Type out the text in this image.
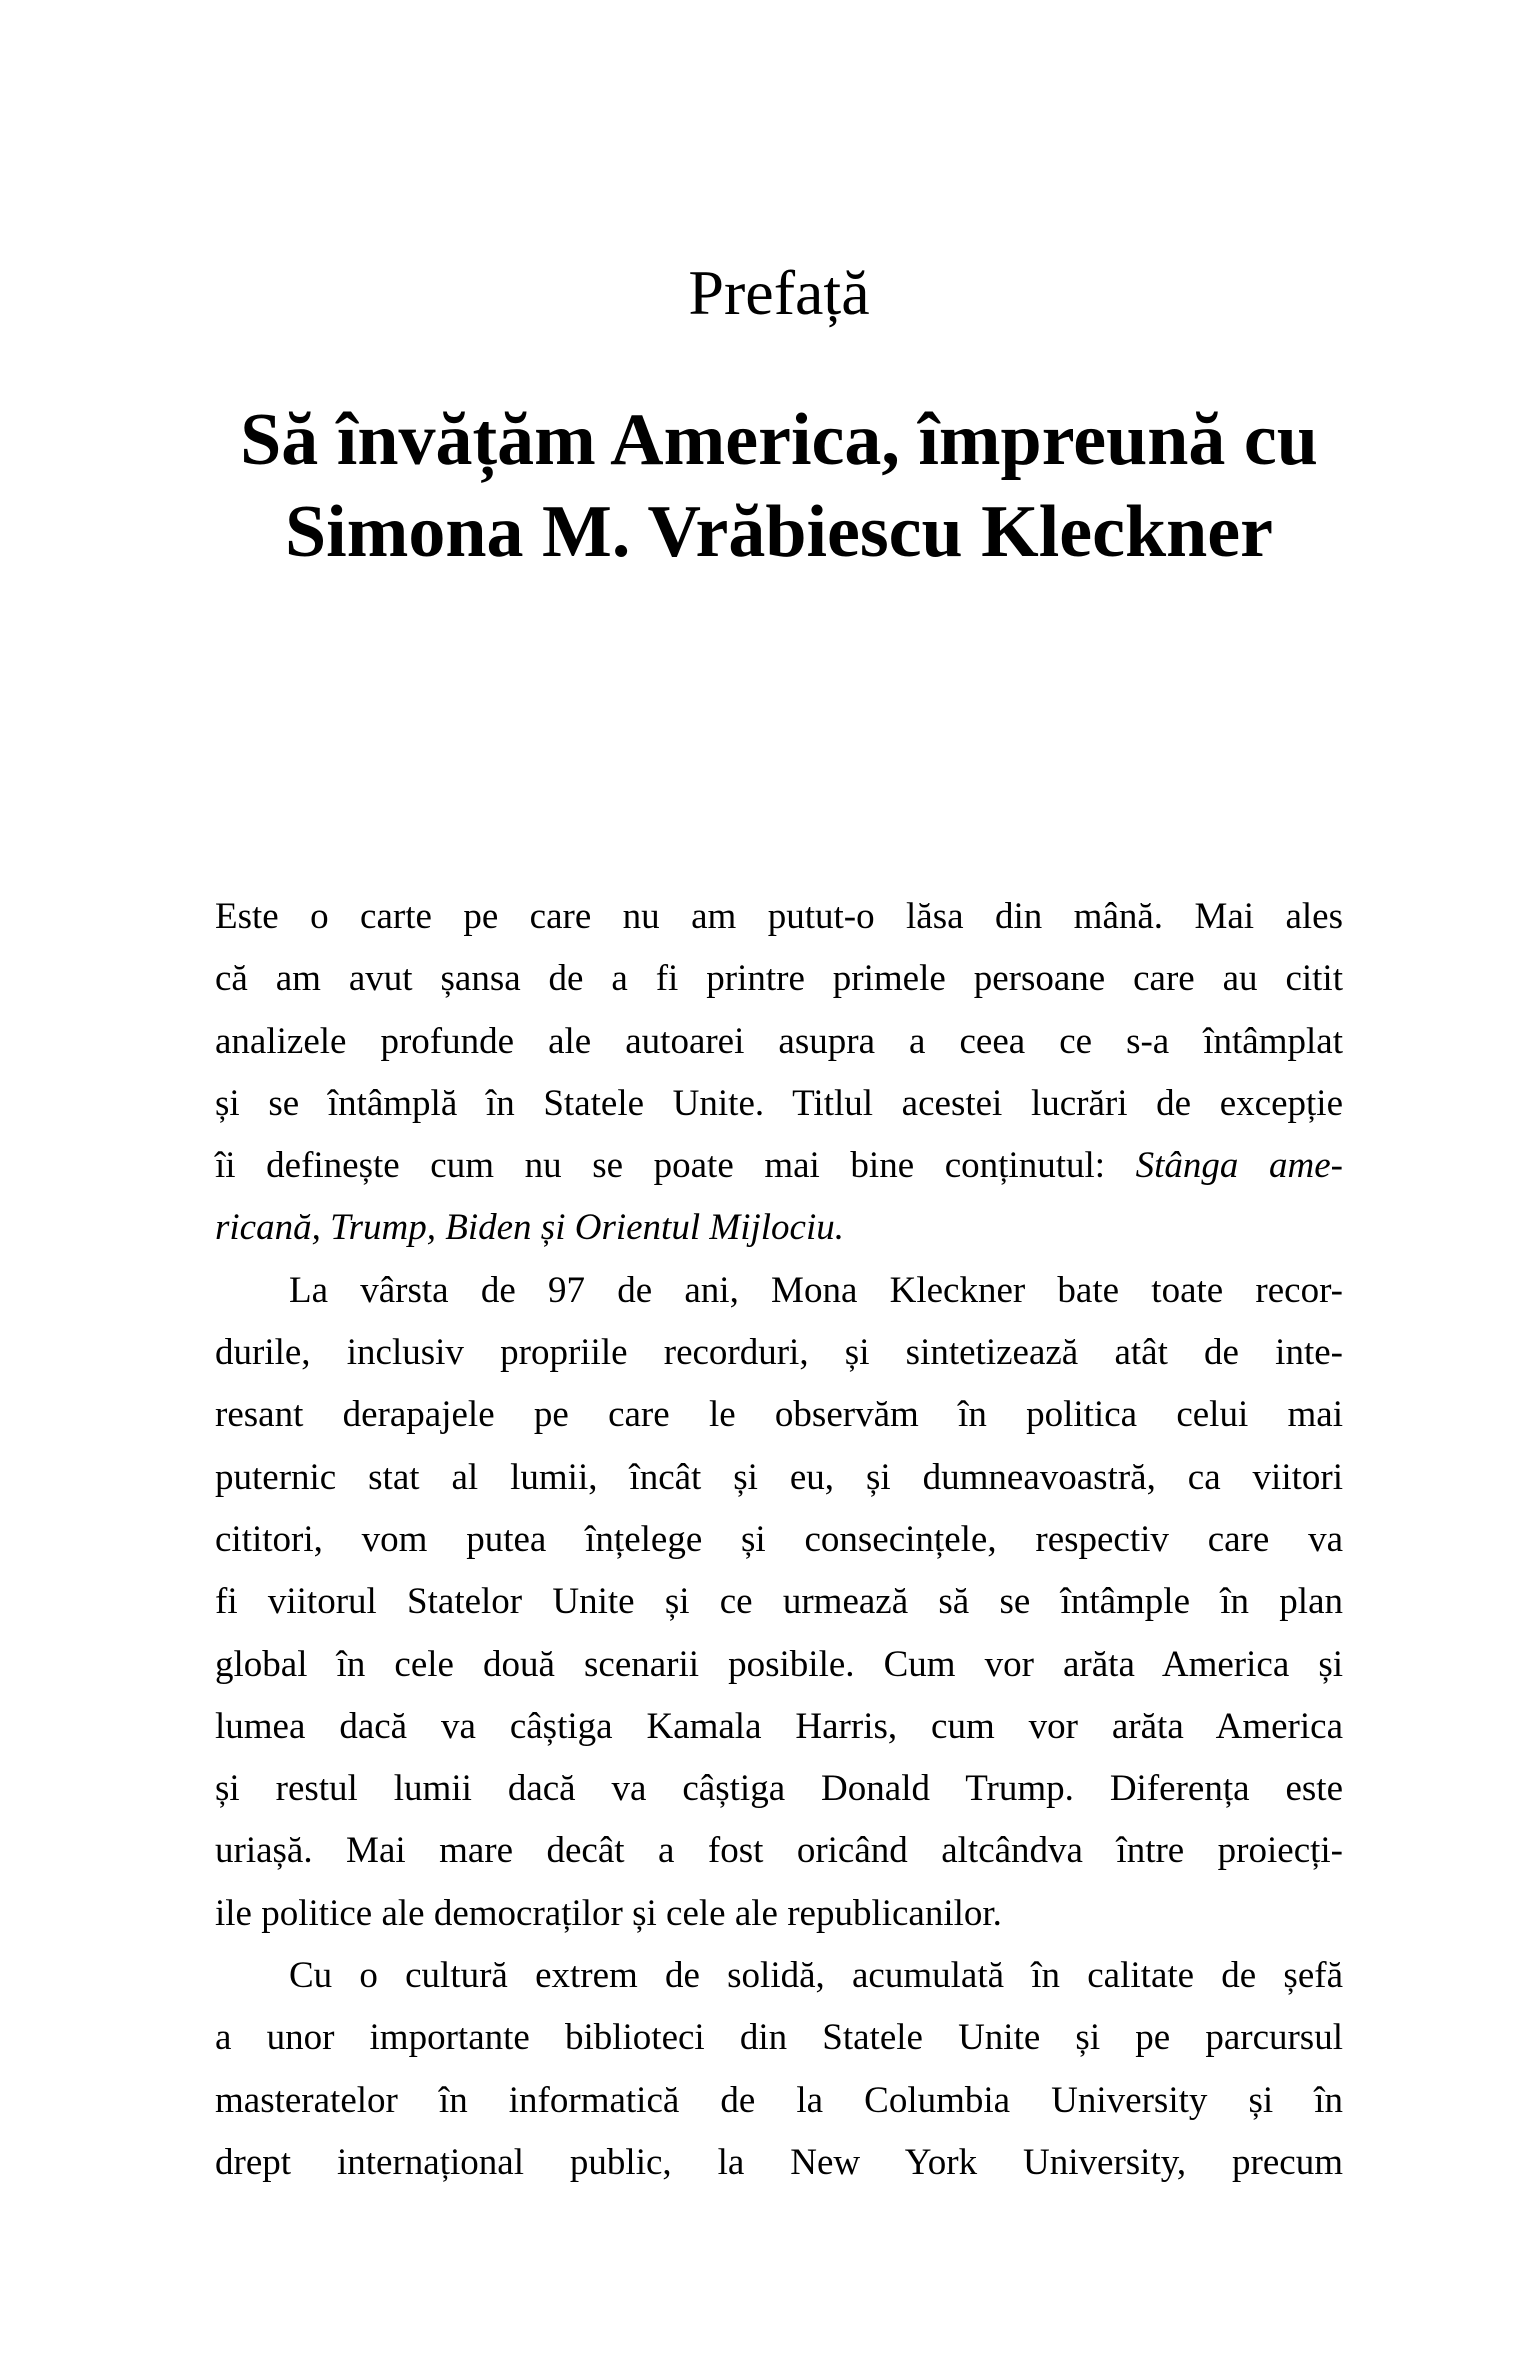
Prefață
Să învățăm America, împreună cu
Simona M. Vrăbiescu Kleckner
Este o carte pe care nu am putut-o lăsa din mână. Mai ales
că am avut șansa de a fi printre primele persoane care au citit
analizele profunde ale autoarei asupra a ceea ce s-a întâmplat
și se întâmplă în Statele Unite. Titlul acestei lucrări de excepție
îi definește cum nu se poate mai bine conținutul: Stânga ame-
ricană, Trump, Biden și Orientul Mijlociu.
La vârsta de 97 de ani, Mona Kleckner bate toate recor-
durile, inclusiv propriile recorduri, și sintetizează atât de inte-
resant derapajele pe care le observăm în politica celui mai
puternic stat al lumii, încât și eu, și dumneavoastră, ca viitori
cititori, vom putea înțelege și consecințele, respectiv care va
fi viitorul Statelor Unite și ce urmează să se întâmple în plan
global în cele două scenarii posibile. Cum vor arăta America și
lumea dacă va câștiga Kamala Harris, cum vor arăta America
și restul lumii dacă va câștiga Donald Trump. Diferența este
uriașă. Mai mare decât a fost oricând altcândva între proiecți-
ile politice ale democraților și cele ale republicanilor.
Cu o cultură extrem de solidă, acumulată în calitate de șefă
a unor importante biblioteci din Statele Unite și pe parcursul
masteratelor în informatică de la Columbia University și în
drept internațional public, la New York University, precum
